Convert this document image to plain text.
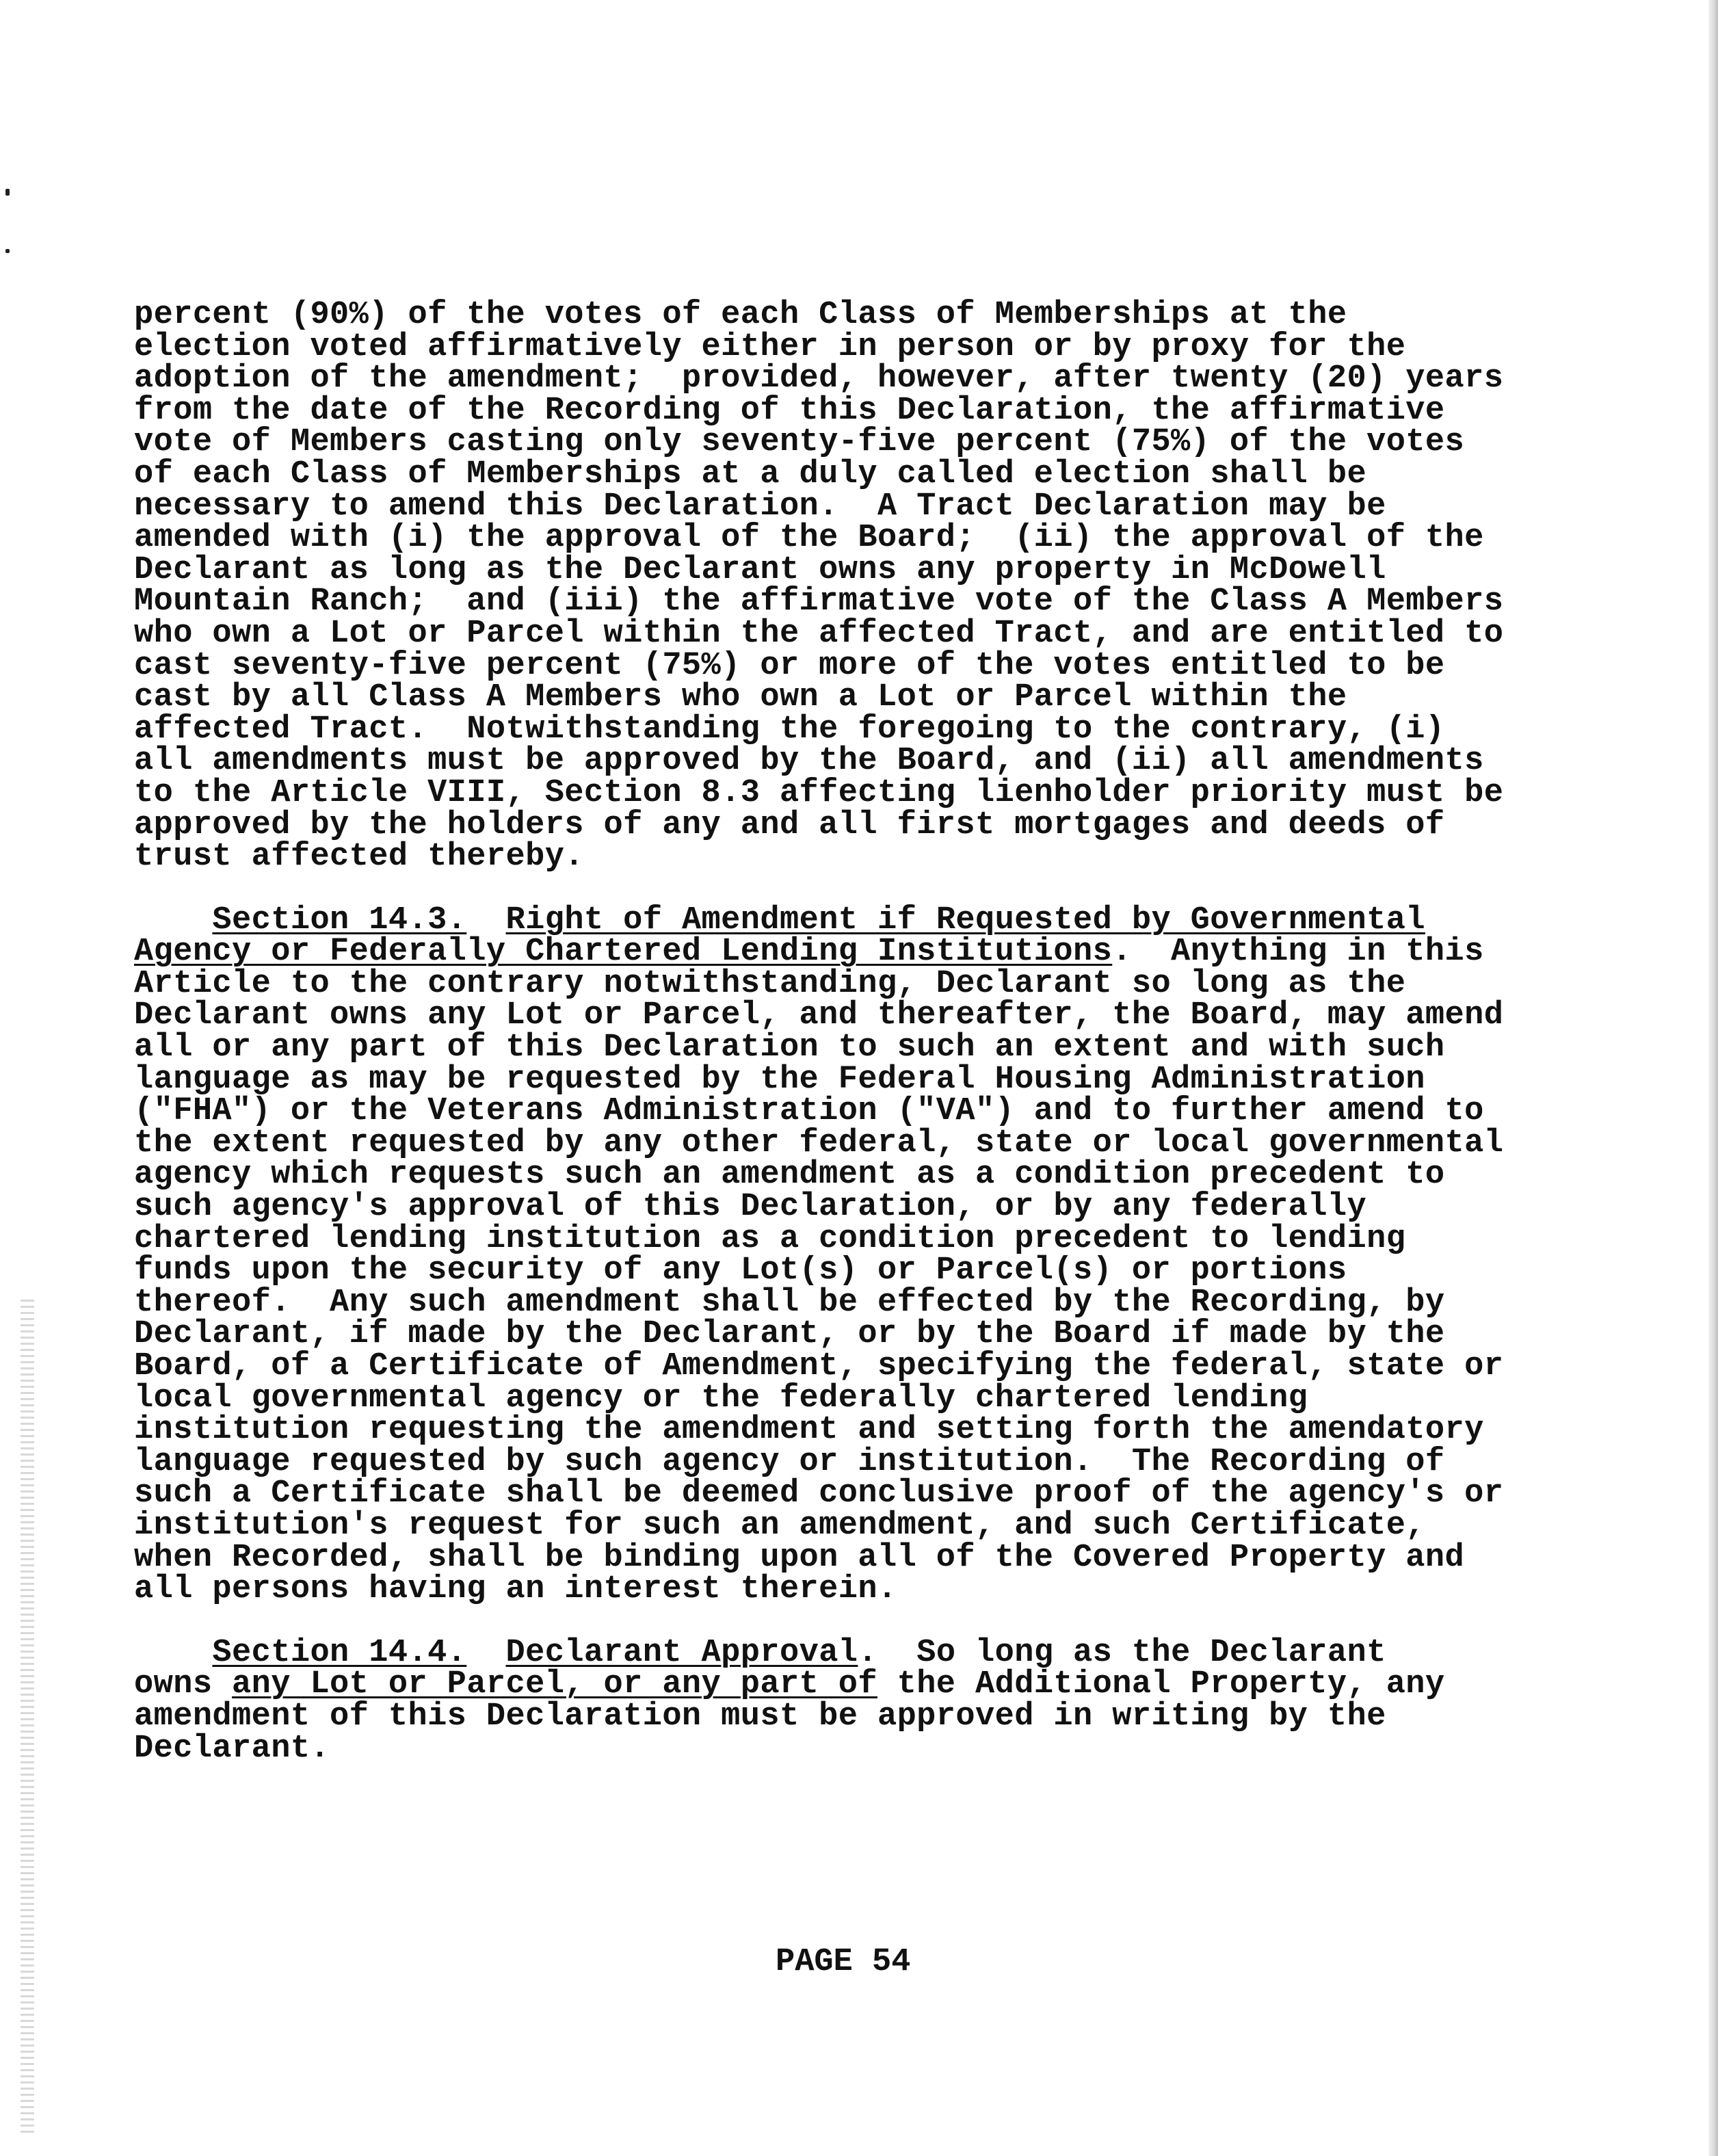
percent (90%) of the votes of each Class of Memberships at the
election voted affirmatively either in person or by proxy for the
adoption of the amendment;  provided, however, after twenty (20) years
from the date of the Recording of this Declaration, the affirmative
vote of Members casting only seventy-five percent (75%) of the votes
of each Class of Memberships at a duly called election shall be
necessary to amend this Declaration.  A Tract Declaration may be
amended with (i) the approval of the Board;  (ii) the approval of the
Declarant as long as the Declarant owns any property in McDowell
Mountain Ranch;  and (iii) the affirmative vote of the Class A Members
who own a Lot or Parcel within the affected Tract, and are entitled to
cast seventy-five percent (75%) or more of the votes entitled to be
cast by all Class A Members who own a Lot or Parcel within the
affected Tract.  Notwithstanding the foregoing to the contrary, (i)
all amendments must be approved by the Board, and (ii) all amendments
to the Article VIII, Section 8.3 affecting lienholder priority must be
approved by the holders of any and all first mortgages and deeds of
trust affected thereby.
Section 14.3. Right of Amendment if Requested by Governmental
Agency or Federally Chartered Lending Institutions.  Anything in this
Article to the contrary notwithstanding, Declarant so long as the
Declarant owns any Lot or Parcel, and thereafter, the Board, may amend
all or any part of this Declaration to such an extent and with such
language as may be requested by the Federal Housing Administration
("FHA") or the Veterans Administration ("VA") and to further amend to
the extent requested by any other federal, state or local governmental
agency which requests such an amendment as a condition precedent to
such agency's approval of this Declaration, or by any federally
chartered lending institution as a condition precedent to lending
funds upon the security of any Lot(s) or Parcel(s) or portions
thereof.  Any such amendment shall be effected by the Recording, by
Declarant, if made by the Declarant, or by the Board if made by the
Board, of a Certificate of Amendment, specifying the federal, state or
local governmental agency or the federally chartered lending
institution requesting the amendment and setting forth the amendatory
language requested by such agency or institution.  The Recording of
such a Certificate shall be deemed conclusive proof of the agency's or
institution's request for such an amendment, and such Certificate,
when Recorded, shall be binding upon all of the Covered Property and
all persons having an interest therein.
Section 14.4. Declarant Approval.  So long as the Declarant
owns any Lot or Parcel, or any part of the Additional Property, any
amendment of this Declaration must be approved in writing by the
Declarant.
PAGE 54
